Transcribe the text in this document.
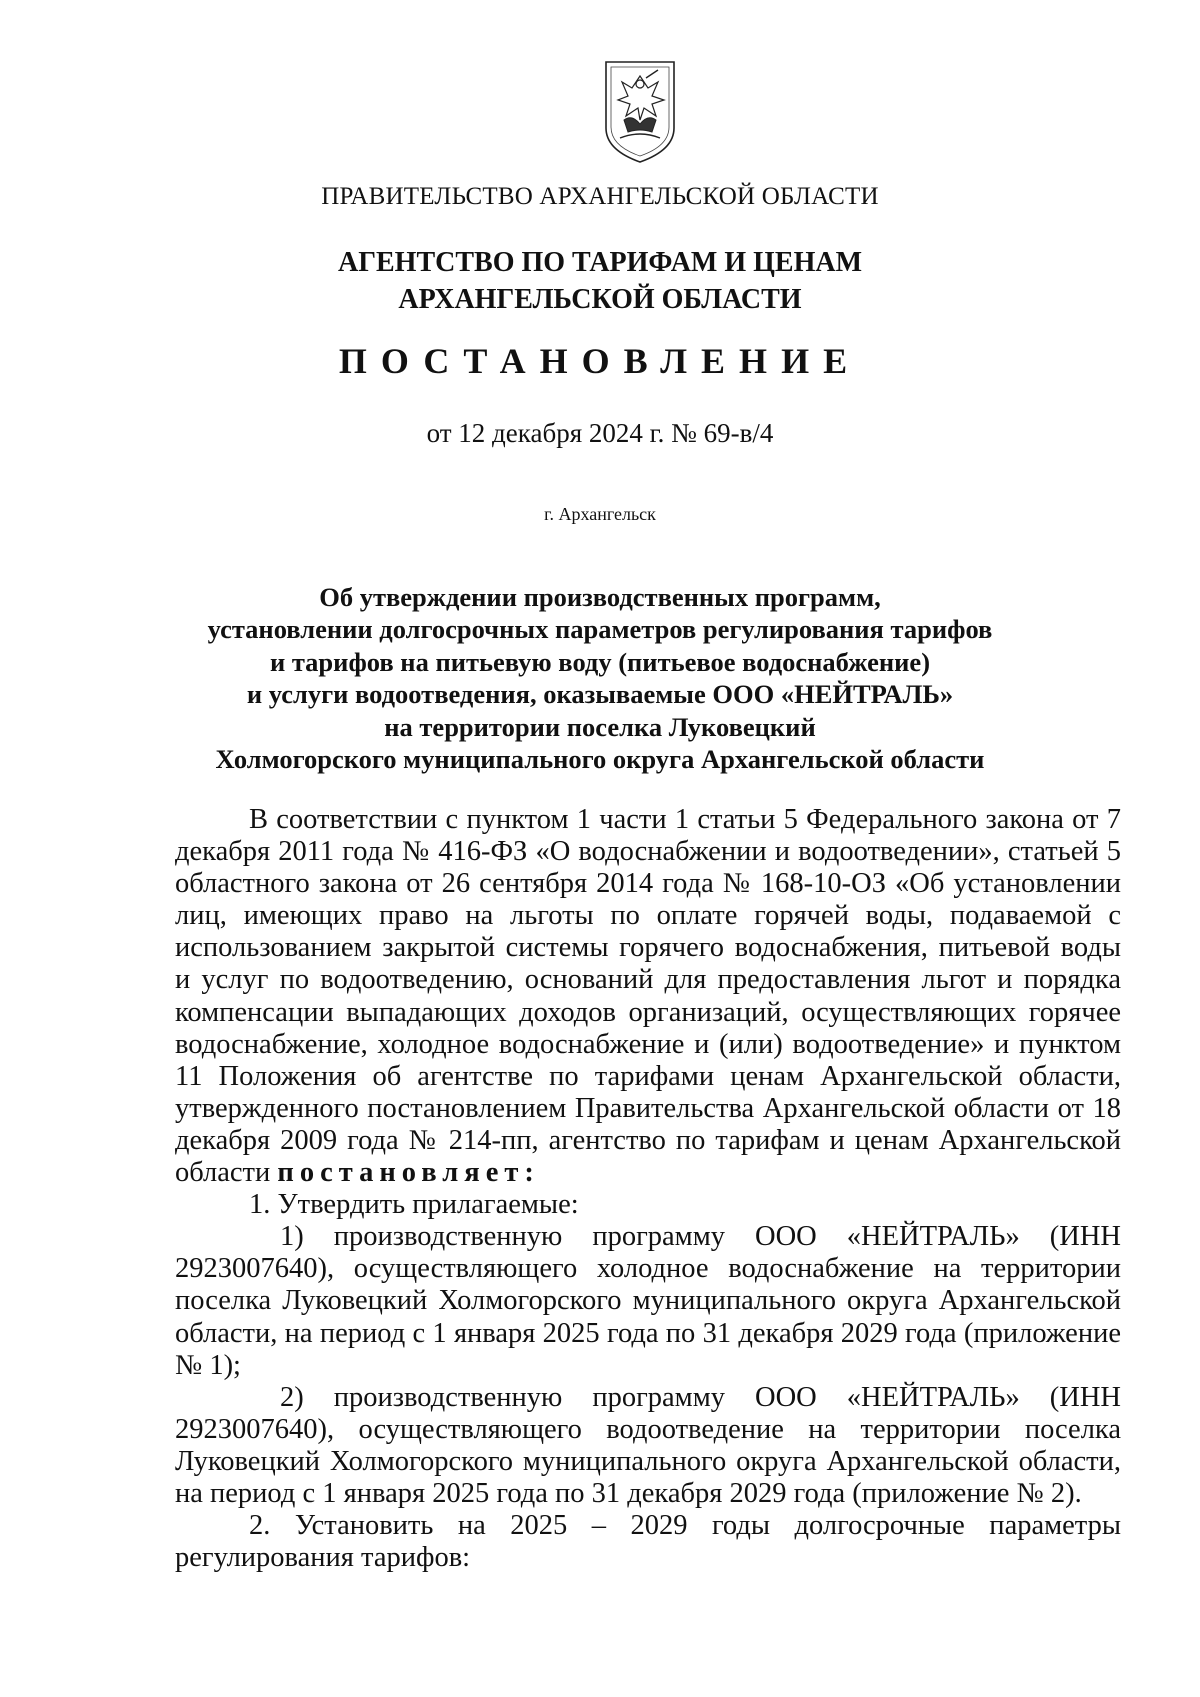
ПРАВИТЕЛЬСТВО АРХАНГЕЛЬСКОЙ ОБЛАСТИ
АГЕНТСТВО ПО ТАРИФАМ И ЦЕНАМ
АРХАНГЕЛЬСКОЙ ОБЛАСТИ
ПОСТАНОВЛЕНИЕ
от 12 декабря 2024 г. № 69-в/4
г. Архангельск
Об утверждении производственных программ,
установлении долгосрочных параметров регулирования тарифов
и тарифов на питьевую воду (питьевое водоснабжение)
и услуги водоотведения, оказываемые ООО «НЕЙТРАЛЬ»
на территории поселка Луковецкий
Холмогорского муниципального округа Архангельской области

В соответствии с пунктом 1 части 1 статьи 5 Федерального закона от 7 декабря 2011 года № 416-ФЗ «О водоснабжении и водоотведении», статьей 5 областного закона от 26 сентября 2014 года № 168-10-ОЗ «Об установлении лиц, имеющих право на льготы по оплате горячей воды, подаваемой с использованием закрытой системы горячего водоснабжения, питьевой воды и услуг по водоотведению, оснований для предоставления льгот и порядка компенсации выпадающих доходов организаций, осуществляющих горячее водоснабжение, холодное водоснабжение и (или) водоотведение» и пунктом 11 Положения об агентстве по тарифами ценам Архангельской области, утвержденного постановлением Правительства Архангельской области от 18 декабря 2009 года № 214-пп, агентство по тарифам и ценам Архангельской области постановляет:

1. Утвердить прилагаемые:

1) производственную программу ООО «НЕЙТРАЛЬ» (ИНН 2923007640), осуществляющего холодное водоснабжение на территории поселка Луковецкий Холмогорского муниципального округа Архангельской области, на период с 1 января 2025 года по 31 декабря 2029 года (приложение № 1);

2) производственную программу ООО «НЕЙТРАЛЬ» (ИНН 2923007640), осуществляющего водоотведение на территории поселка Луковецкий Холмогорского муниципального округа Архангельской области, на период с 1 января 2025 года по 31 декабря 2029 года (приложение № 2).

2. Установить на 2025 – 2029 годы долгосрочные параметры регулирования тарифов:
